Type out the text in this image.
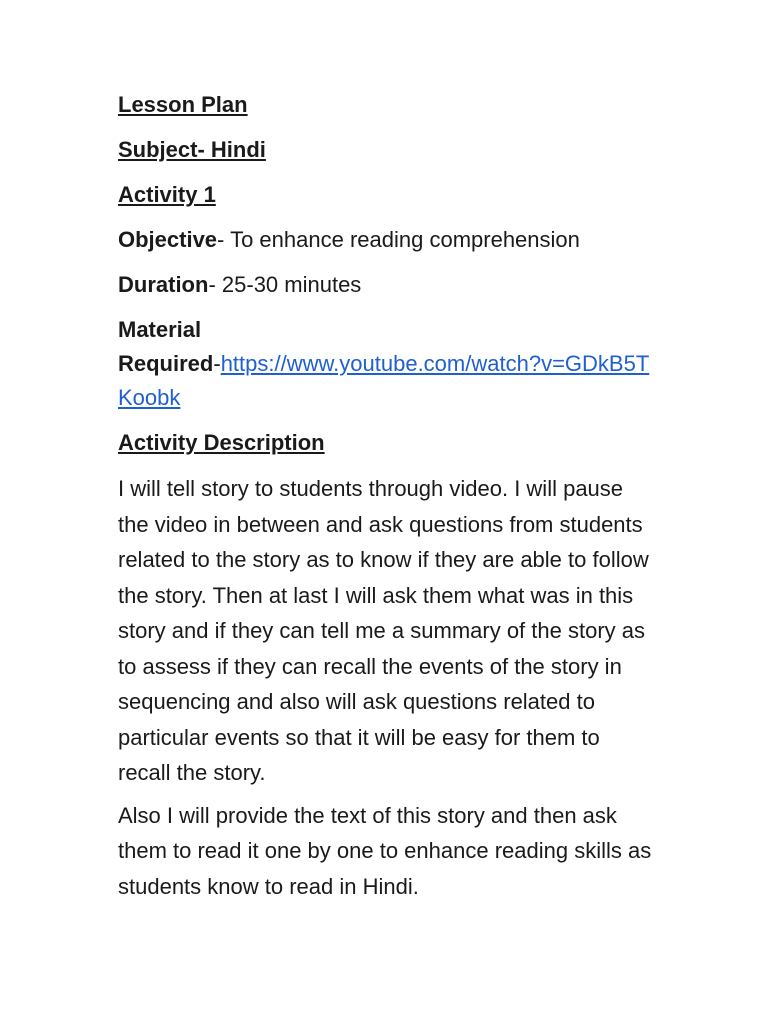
Lesson Plan
Subject- Hindi
Activity 1
Objective- To enhance reading comprehension
Duration- 25-30 minutes
Material
Required-https://www.youtube.com/watch?v=GDkB5TKoobk
Activity Description

I will tell story to students through video. I will pause the video in between and ask questions from students related to the story as to know if they are able to follow the story. Then at last I will ask them what was in this story and if they can tell me a summary of the story as to assess if they can recall the events of the story in sequencing and also will ask questions related to particular events so that it will be easy for them to recall the story.

Also I will provide the text of this story and then ask them to read it one by one to enhance reading skills as students know to read in Hindi.
